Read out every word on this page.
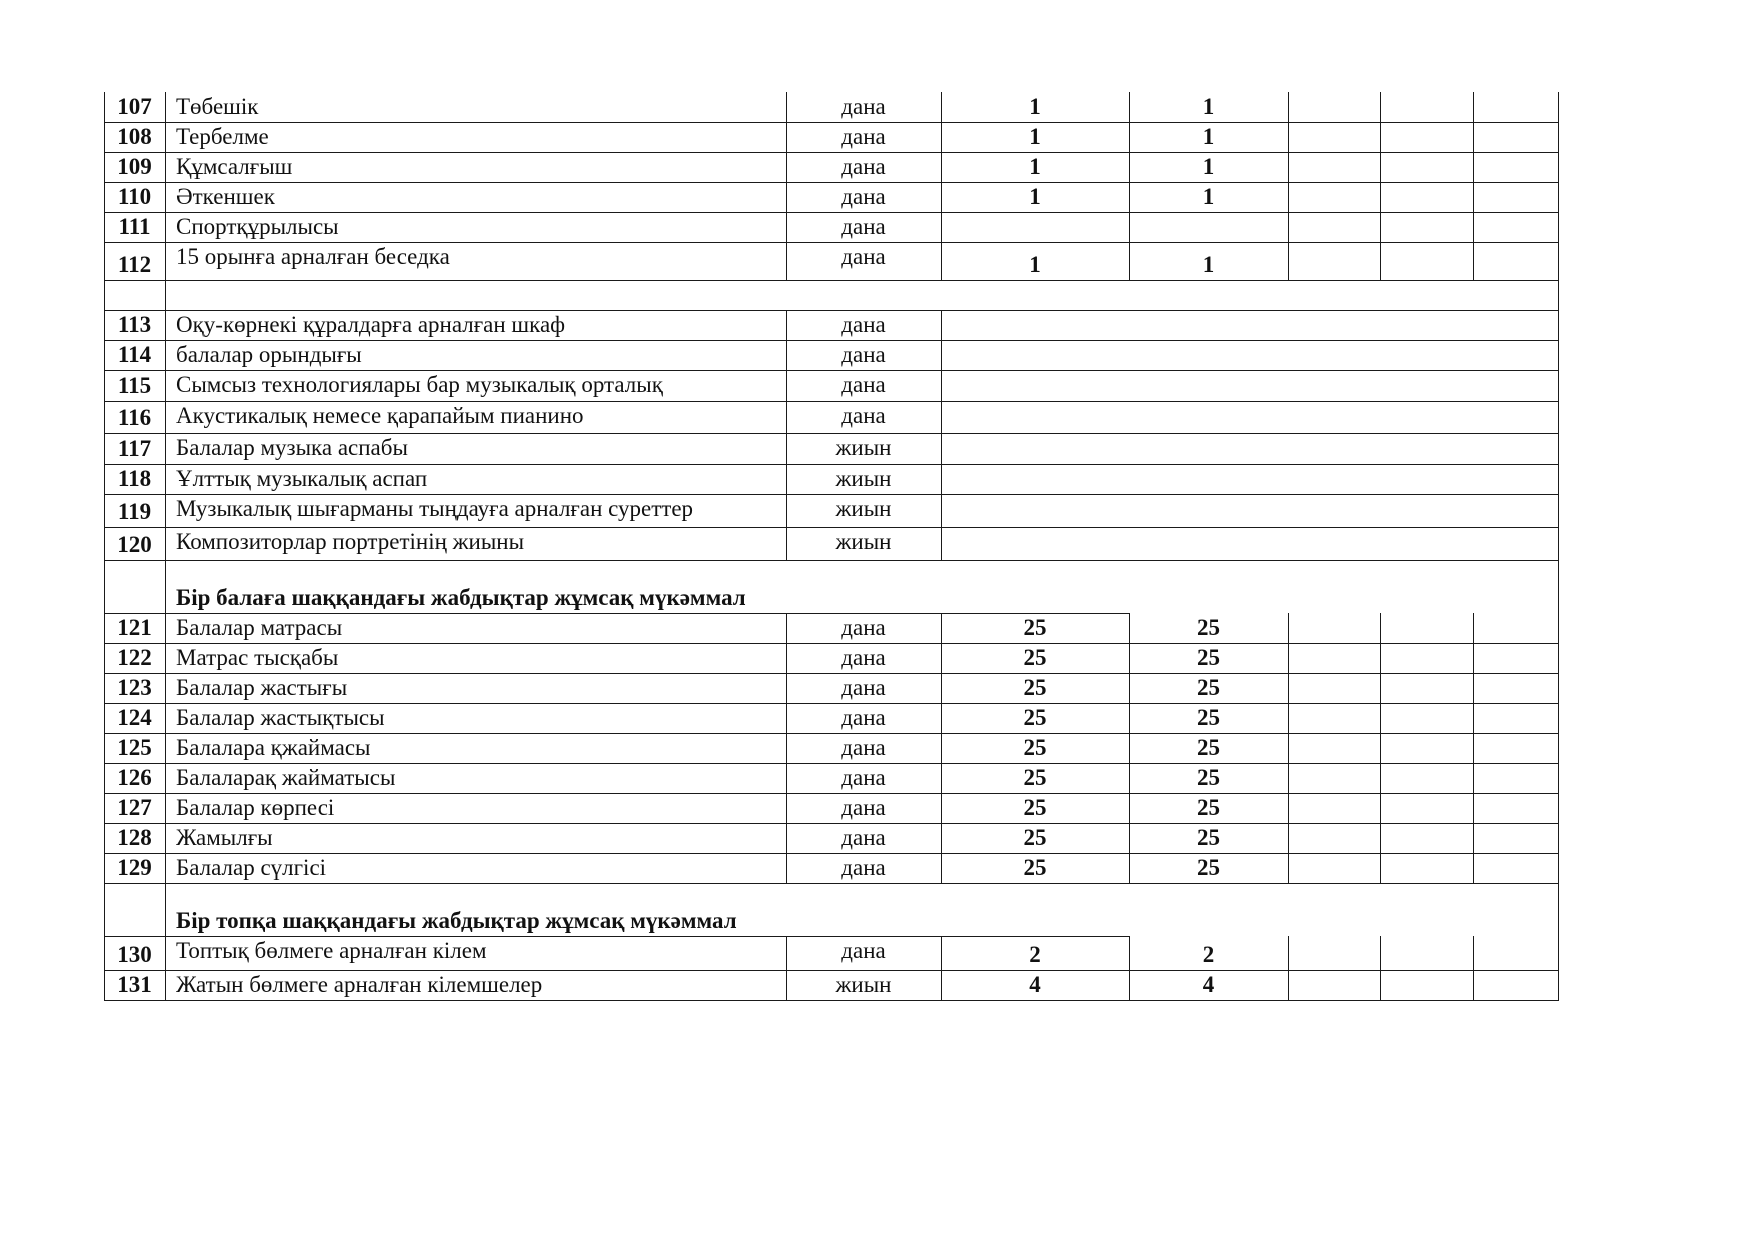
107	Төбешік	дана	1	1
108	Тербелме	дана	1	1
109	Құмсалғыш	дана	1	1
110	Әткеншек	дана	1	1
111	Спортқұрылысы	дана
112	15 орынға арналған беседка	дана	1	1
113	Оқу-көрнекі құралдарға арналған шкаф	дана
114	балалар орындығы	дана
115	Сымсыз технологиялары бар музыкалық орталық	дана
116	Акустикалық немесе қарапайым пианино	дана
117	Балалар музыка аспабы	жиын
118	Ұлттық музыкалық аспап	жиын
119	Музыкалық шығарманы тыңдауға арналған суреттер	жиын
120	Композиторлар портретінің жиыны	жиын
Бір балаға шаққандағы жабдықтар жұмсақ мүкәммал
121	Балалар матрасы	дана	25	25
122	Матрас тысқабы	дана	25	25
123	Балалар жастығы	дана	25	25
124	Балалар жастықтысы	дана	25	25
125	Балалара қжаймасы	дана	25	25
126	Балаларақ жайматысы	дана	25	25
127	Балалар көрпесі	дана	25	25
128	Жамылғы	дана	25	25
129	Балалар сүлгісі	дана	25	25
Бір топқа шаққандағы жабдықтар жұмсақ мүкәммал
130	Топтық бөлмеге арналған кілем	дана	2	2
131	Жатын бөлмеге арналған кілемшелер	жиын	4	4
